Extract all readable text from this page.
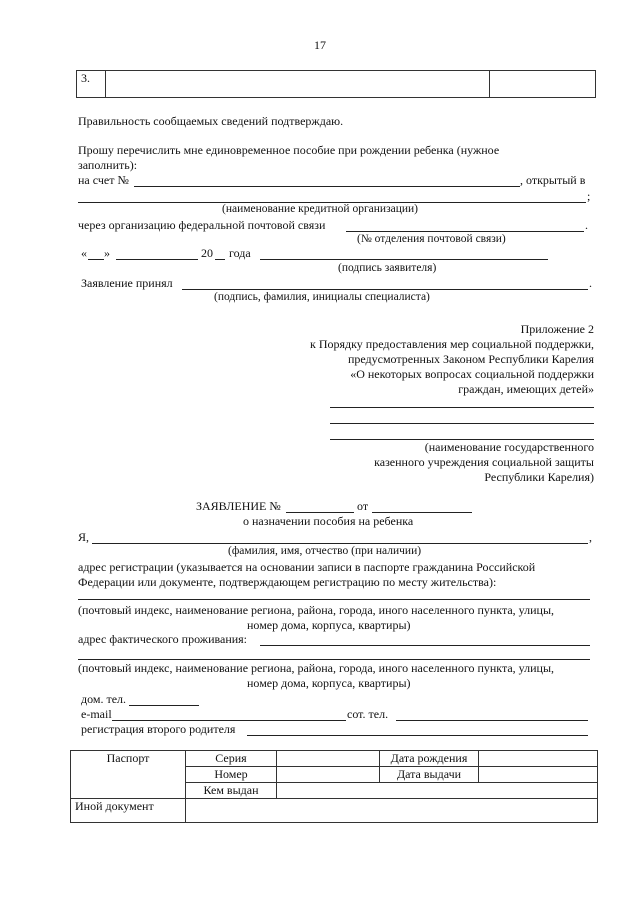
17
3.		
Правильность сообщаемых сведений подтверждаю.
Прошу перечислить мне единовременное пособие при рождении ребенка (нужное
заполнить):
на счет №	, открытый в
;
(наименование кредитной организации)
через организацию федеральной почтовой связи	.
(№ отделения почтовой связи)
« »	20 года
(подпись заявителя)
Заявление принял	.
(подпись, фамилия, инициалы специалиста)
Приложение 2
к Порядку предоставления мер социальной поддержки,
предусмотренных Законом Республики Карелия
«О некоторых вопросах социальной поддержки
граждан, имеющих детей»
(наименование государственного
казенного учреждения социальной защиты
Республики Карелия)
ЗАЯВЛЕНИЕ №	от
о назначении пособия на ребенка
Я,	,
(фамилия, имя, отчество (при наличии)
адрес регистрации (указывается на основании записи в паспорте гражданина Российской
Федерации или документе, подтверждающем регистрацию по месту жительства):
(почтовый индекс, наименование региона, района, города, иного населенного пункта, улицы,
номер дома, корпуса, квартиры)
адрес фактического проживания:
(почтовый индекс, наименование региона, района, города, иного населенного пункта, улицы,
номер дома, корпуса, квартиры)
дом. тел.
e-mail	сот. тел.
регистрация второго родителя
Паспорт	Серия		Дата рождения	
	Номер		Дата выдачи	
	Кем выдан			
Иной документ				
